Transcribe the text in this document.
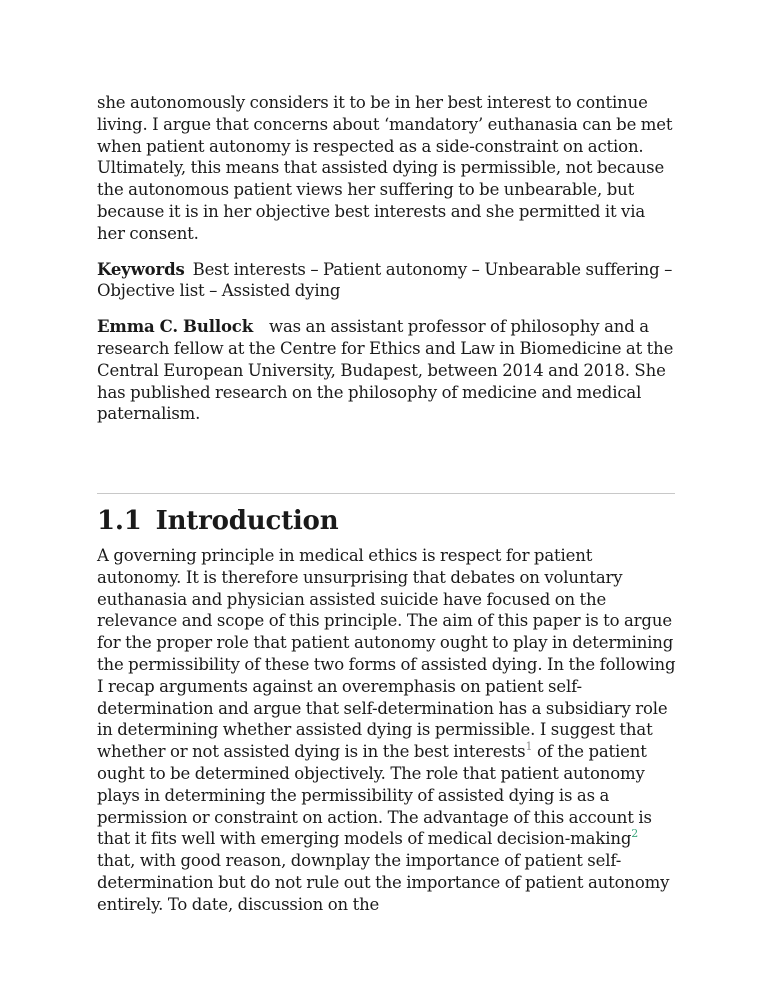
she autonomously considers it to be in her best interest to continue living. I argue that concerns about ‘mandatory’ euthanasia can be met when patient autonomy is respected as a side-constraint on action. Ultimately, this means that assisted dying is permissible, not because the autonomous patient views her suffering to be unbearable, but because it is in her objective best interests and she permitted it via her consent.

Keywords Best interests – Patient autonomy – Unbearable suffering – Objective list – Assisted dying

Emma C. Bullock was an assistant professor of philosophy and a research fellow at the Centre for Ethics and Law in Biomedicine at the Central European University, Budapest, between 2014 and 2018. She has published research on the philosophy of medicine and medical paternalism.

1.1 Introduction

A governing principle in medical ethics is respect for patient autonomy. It is therefore unsurprising that debates on voluntary euthanasia and physician assisted suicide have focused on the relevance and scope of this principle. The aim of this paper is to argue for the proper role that patient autonomy ought to play in determining the permissibility of these two forms of assisted dying. In the following I recap arguments against an overemphasis on patient self-determination and argue that self-determination has a subsidiary role in determining whether assisted dying is permissible. I suggest that whether or not assisted dying is in the best interests$^1$ of the patient ought to be determined objectively. The role that patient autonomy plays in determining the permissibility of assisted dying is as a permission or constraint on action. The advantage of this account is that it fits well with emerging models of medical decision-making$^2$ that, with good reason, downplay the importance of patient self-determination but do not rule out the importance of patient autonomy entirely. To date, discussion on the
